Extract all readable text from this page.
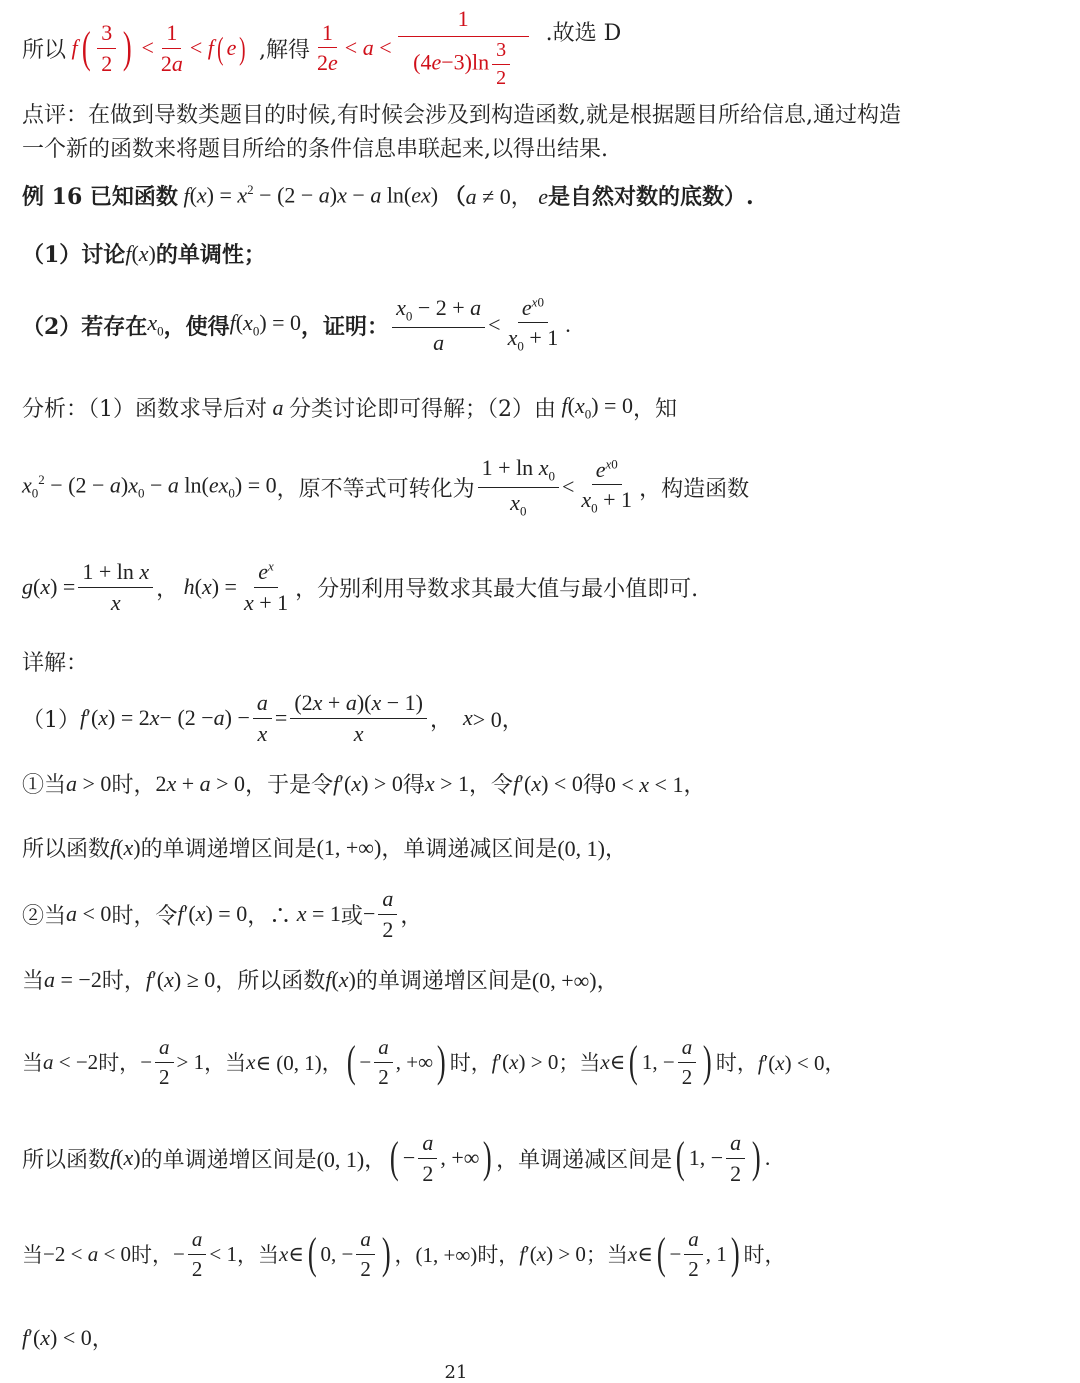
所以 f ( $\frac{3}{2}$ ) < $\frac{1}{2a} < f$ ( e ) ,解得 $\frac{1}{2e} < a < \frac{1}{(4e-3)\ln \frac{3}{2}}$ .故选 D
点评：在做到导数类题目的时候,有时候会涉及到构造函数,就是根据题目所给信息,通过构造
一个新的函数来将题目所给的条件信息串联起来,以得出结果.
例 16 已知函数 f $(x) = x^2 - (2 - a)x - a$ ln(ex) （ a ≠ 0， e 是自然对数的底数）.
（1）讨论 f(x) 的单调性；
（2）若存在 $x_0$ ，使得 $f(x_0) = 0$ ，证明： $\frac{x_0 - 2 + a}{a} < \frac{e^{x0}}{x_0 + 1}$ .
分析：（1）函数求导后对 a 分类讨论即可得解；（2）由 $f(x_0) = 0$ ，知
$x_0^2 - (2 - a)x_0 - a$ $\ln(ex_0) = 0$ ，原不等式可转化为 $\frac{1 + \ln x_0}{x_0} < \frac{e^{x0}}{x_0 + 1}$ ，构造函数
g ( x ) = $\frac{\text{1 + ln x}}{x}$ ， h ( x ) = $\frac{e^x}{x + 1}$ ，分别利用导数求其最大值与最小值即可.
详解：
（1） f ′( x ) = 2 x − (2 − a ) − $\frac{a}{x} = \frac{(2x + a)(x - 1)}{x}$ ， x > 0，
①当 a > 0 时， 2x + a > 0 ，于是令 f′(x) > 0 得 x > 1 ，令 f′(x) < 0 得 0 < x < 1，
所以函数 f(x) 的单调递增区间是 (1, +∞) ，单调递减区间是 (0, 1)，
②当 a < 0 时，令 f′(x) = 0 ，∴ x = 1 或 − $\frac{a}{2}$ ，
当 a = −2 时， f′(x) ≥ 0 ，所以函数 f(x) 的单调递增区间是 (0, +∞)，
当 a < −2 时， − $\frac{a}{2} > 1$ ，当 x ∈ (0, 1)， ( − $\frac{a}{2}$ , +∞ ) 时， f′(x) > 0 ；当 x ∈ ( 1, − $\frac{a}{2}$ ) 时， f′(x) < 0，
所以函数 f(x) 的单调递增区间是 (0, 1)， ( − $\frac{a}{2}$ , +∞ ) ，单调递减区间是 ( 1, − $\frac{a}{2}$ ) .
当 −2 < a < 0 时， − $\frac{a}{2} < 1$ ，当 x ∈ ( 0, − $\frac{a}{2}$ ) ，(1, +∞) 时， f′(x) > 0 ；当 x ∈ ( − $\frac{a}{2}$ , 1 ) 时，
f′(x) < 0 ，
21
